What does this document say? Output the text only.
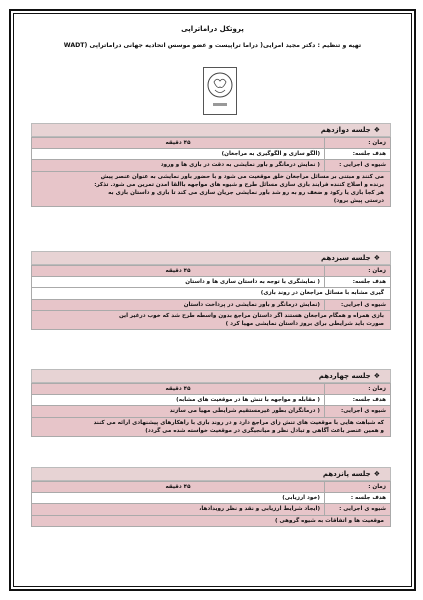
پروتکل دراماتراپی
تهیه و تنظیم : دکتر مجید امرایی( دراما تراپیست و عضو موسس اتحادیه جهانی دراماتراپی (WADT
❖
جلسه دوازدهم
زمان :	۴۵ دقیقه
هدف جلسه:	(الگو سازی و الگوگیری به مراجعان)
شیوه ی اجرایی :	( نمایش درمانگر و باور نمایشی به دقت در بازی ها و ورود

می کنند و مبتنی بر مسائل مراجعان خلق موقعیت می شود و با حضور باور نمایشی به عنوان عنصر پیش
برنده و اصلاح کننده فرایند بازی سازی مسائل طرح و شیوه های مواجهه باالقا امدن تمرین می شود. تذکر:
هر کجا بازی یا رکود و ضعف رو به رو شد باور نمایشی جریان سازی می کند تا بازی و داستان بازی به
درستی پیش برود)	
❖
جلسه سیزدهم
زمان :	۴۵ دقیقه
هدف جلسه:	( نمایشگری با توجه به داستان سازی ها و داستان

گیری مشابه با مسائل مراجعان در روند بازی)	
شیوه ی اجرایی:	(نمایش درمانگر و باور نمایشی در پرداخت داستان

بازی همراه و همگام مراجعان هستند اگر داستان مراجع بدون واسطه طرح شد که خوب درغیر این
صورت باید شرایطی برای بروز داستان نمایشی مهیا کرد )	
❖
جلسه چهاردهم
زمان :	۴۵ دقیقه
هدف جلسه:	( مقابله و مواجهه با تنش ها در موقعیت های مشابه)
شیوه ی اجرایی:	( درمانگران بطور غیرمستقیم شرایطی مهیا می سازند

که شباهت هایی با موقعیت های تنش زای مراجع دارد و در روند بازی با راهکارهای پیشنهادی ارائه می کنند
و همین عنصر باعث آگاهی و تبادل نظر و میانجیگری در موقعیت خواسته شده می گردد)	
❖
جلسه پانزدهم
زمان :	۴۵ دقیقه
هدف جلسه :	(خود ارزیابی)
شیوه ی اجرایی :	(ایجاد شرایط ارزیابی و نقد و نظر رویدادها،

موقعیت ها و اتفاقات به شیوه گروهی )	
